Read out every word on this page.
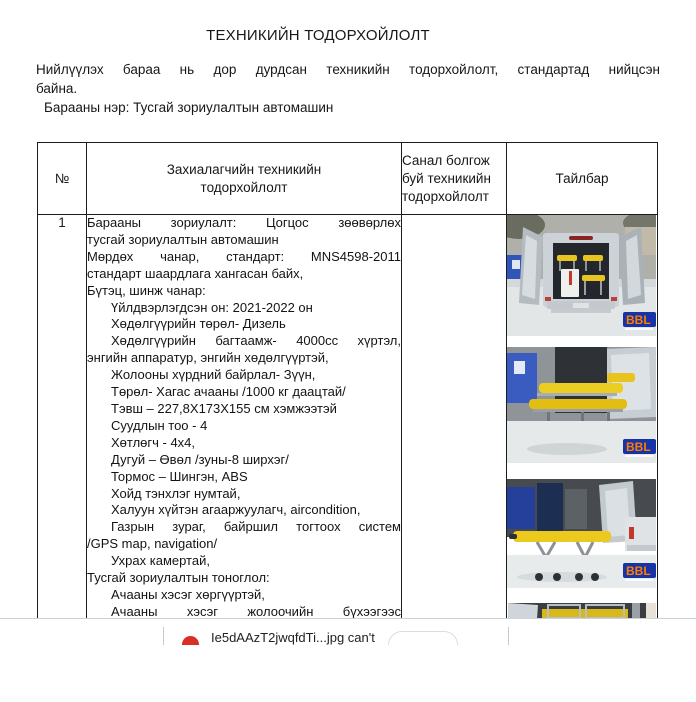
ТЕХНИКИЙН ТОДОРХОЙЛОЛТ
Нийлүүлэх бараа нь дор дурдсан техникийн тодорхойлолт, стандартад нийцсэн
байна.
Барааны нэр: Тусгай зориулалтын автомашин
№	Захиалагчийн техникийн
тодорхойлолт	Санал болгож буй техникийн тодорхойлолт	Тайлбар
1	Барааны зориулалт: Цогцос зөөвөрлөх
тусгай зориулалтын автомашин
Мөрдөх чанар, стандарт: MNS4598-2011
стандарт шаардлага хангасан байх,
Бүтэц, шинж чанар:
Үйлдвэрлэгдсэн он: 2021-2022 он
Хөдөлгүүрийн төрөл- Дизель
Хөдөлгүүрийн багтаамж- 4000сс хүртэл,
энгийн аппаратур, энгийн хөдөлгүүртэй,
Жолооны хүрдний байрлал- Зүүн,
Төрөл- Хагас ачааны /1000 кг даацтай/
Тэвш – 227,8Х173Х155 см хэмжээтэй
Суудлын тоо - 4
Хөтлөгч - 4х4,
Дугуй – Өвөл /зуны-8 ширхэг/
Тормос – Шингэн, ABS
Хойд тэнхлэг нумтай,
Халуун хүйтэн агааржуулагч, aircondition,
Газрын зураг, байршил тогтоох систем
/GPS map, navigation/
Ухрах камертай,
Тусгай зориулалтын тоноглол:
Ачааны хэсэг хөргүүртэй,
Ачааны хэсэг жолоочийн бүхээгээс

BBL
BBL
BBL
Ie5dAAzT2jwqfdTi...jpg can't
